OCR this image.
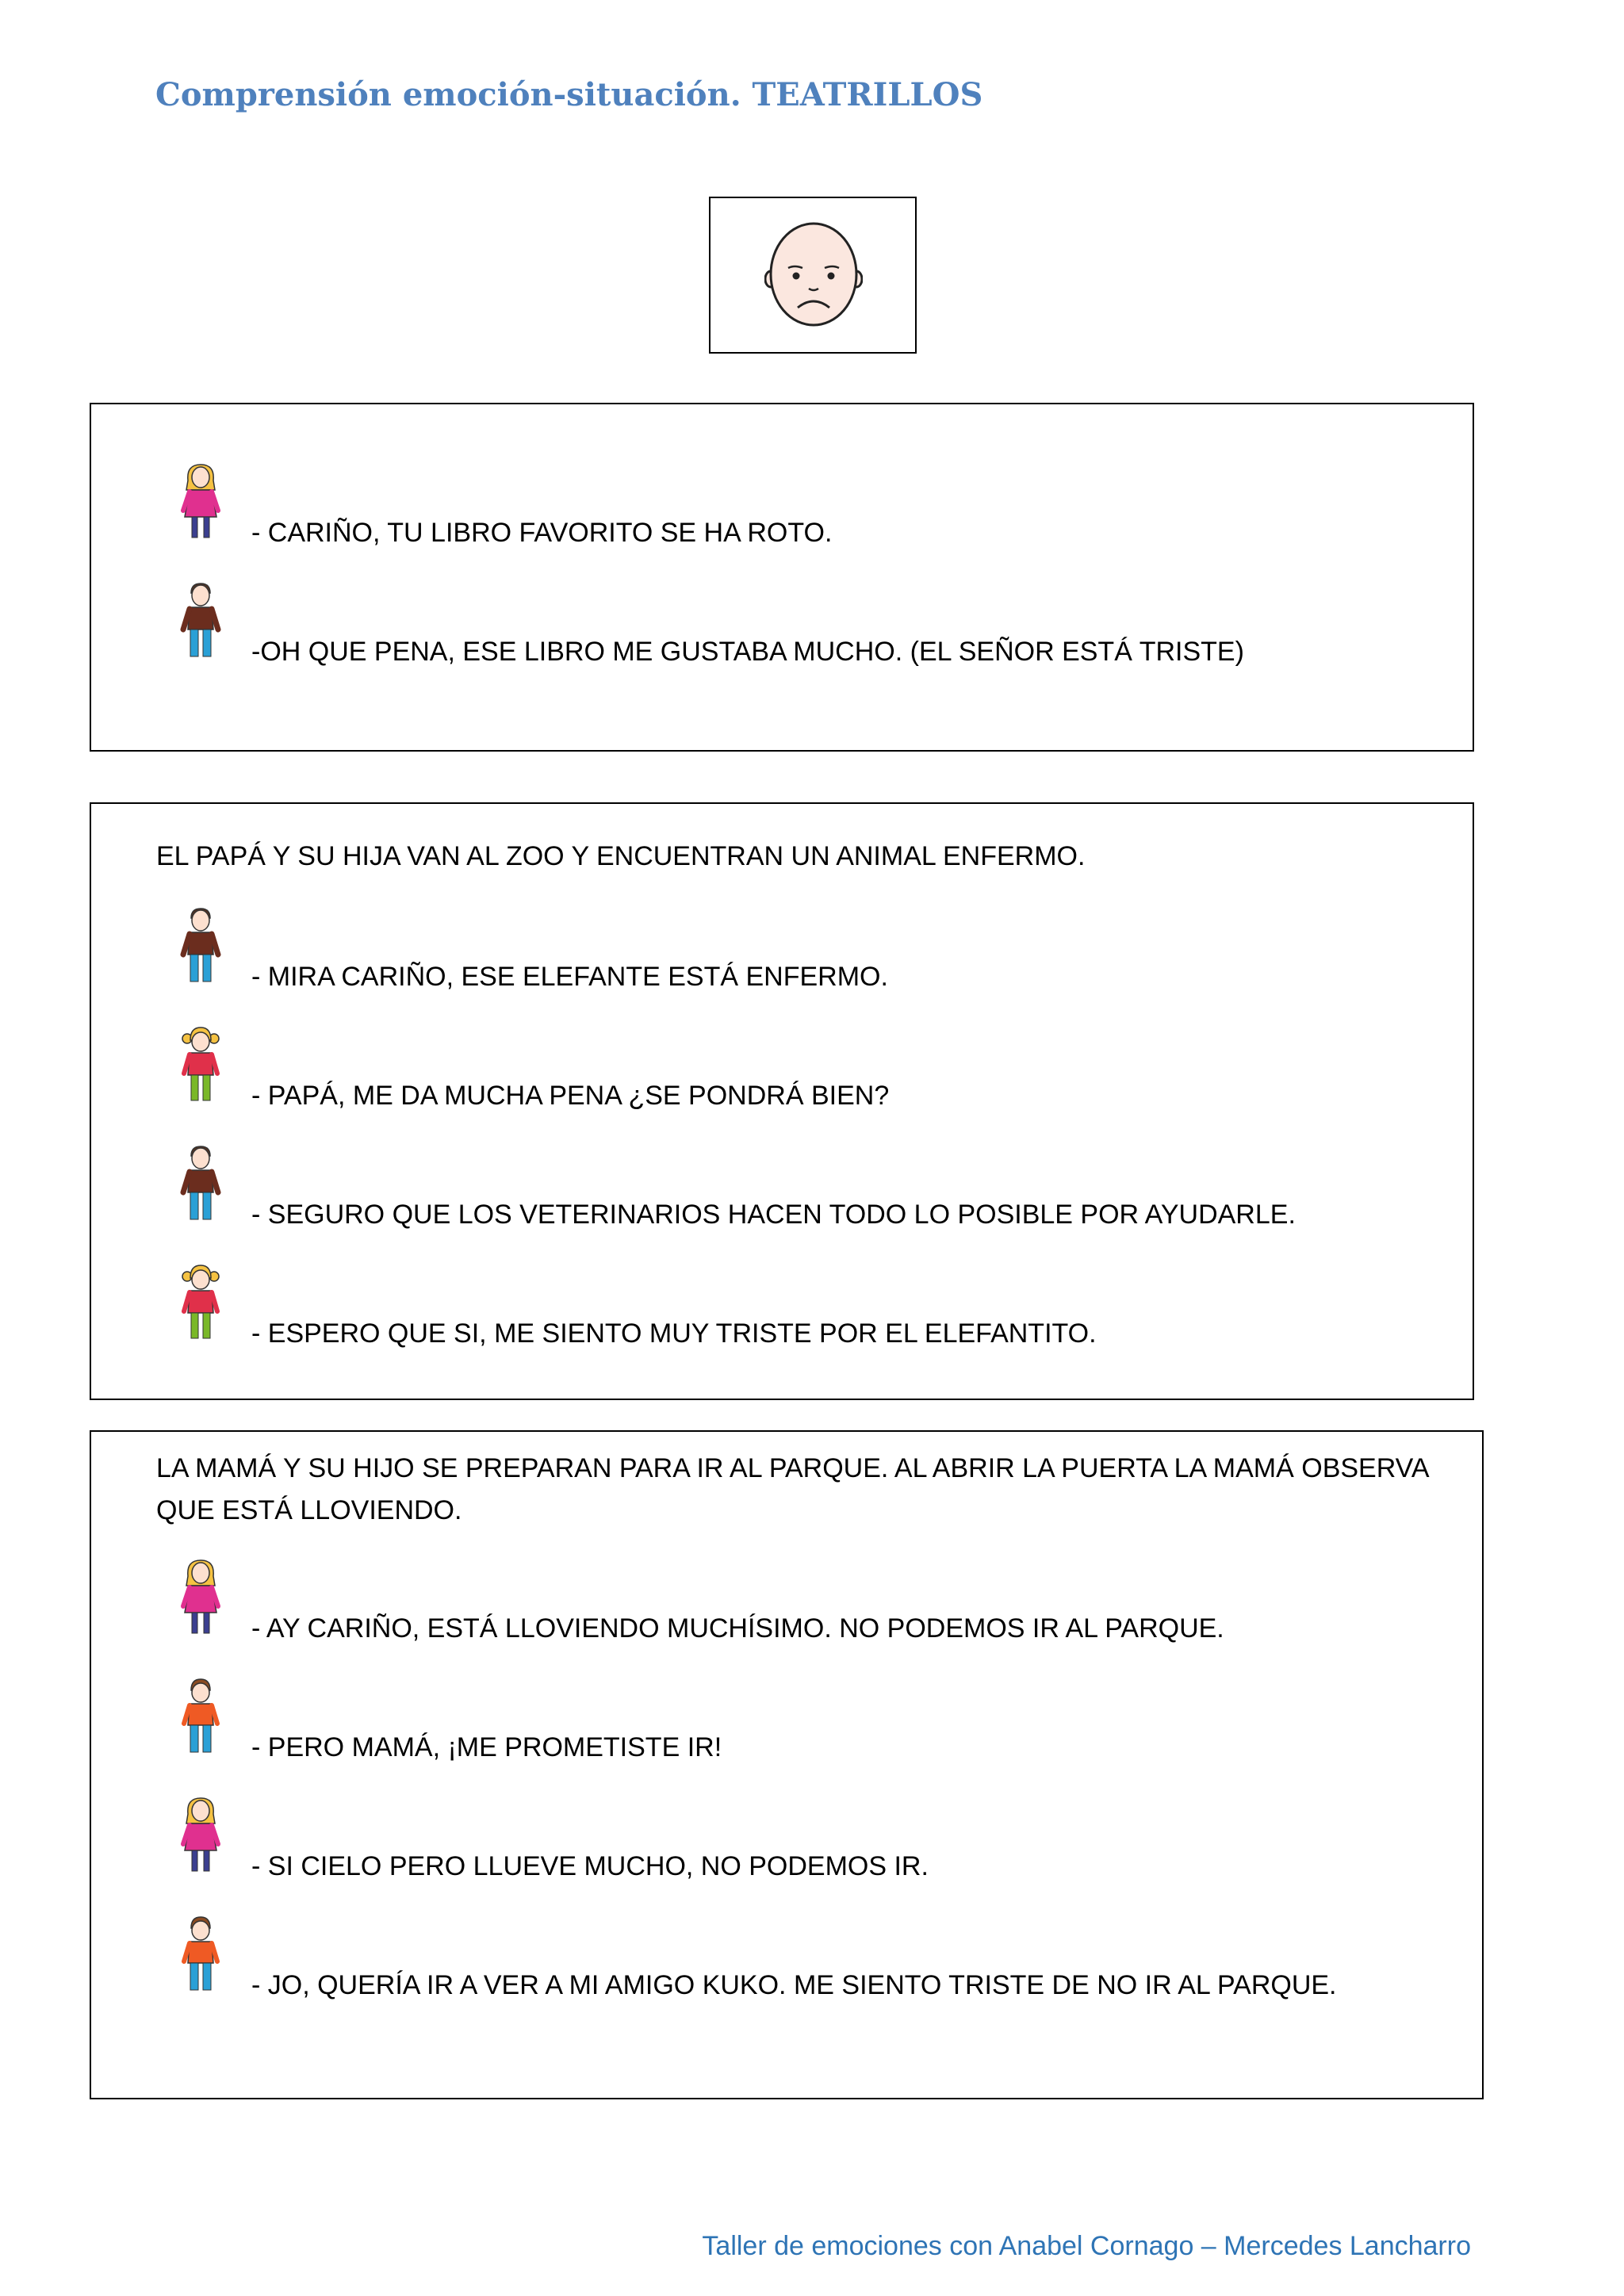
Comprensión emoción-situación. TEATRILLOS
- CARIÑO, TU LIBRO FAVORITO SE HA ROTO.
-OH QUE PENA, ESE LIBRO ME GUSTABA MUCHO. (EL SEÑOR ESTÁ TRISTE)
EL PAPÁ Y SU HIJA VAN AL ZOO Y ENCUENTRAN UN ANIMAL ENFERMO.
- MIRA CARIÑO, ESE ELEFANTE ESTÁ ENFERMO.
- PAPÁ, ME DA MUCHA PENA ¿SE PONDRÁ BIEN?
- SEGURO QUE LOS VETERINARIOS HACEN TODO LO POSIBLE POR AYUDARLE.
- ESPERO QUE SI, ME SIENTO MUY TRISTE POR EL ELEFANTITO.
LA MAMÁ Y SU HIJO SE PREPARAN PARA IR AL PARQUE. AL ABRIR LA PUERTA LA MAMÁ OBSERVA QUE ESTÁ LLOVIENDO.
- AY CARIÑO, ESTÁ LLOVIENDO MUCHÍSIMO. NO PODEMOS IR AL PARQUE.
- PERO MAMÁ, ¡ME PROMETISTE IR!
- SI CIELO PERO LLUEVE MUCHO, NO PODEMOS IR.
- JO, QUERÍA IR A VER A MI AMIGO KUKO. ME SIENTO TRISTE DE NO IR AL PARQUE.
Taller de emociones con Anabel Cornago – Mercedes Lancharro
